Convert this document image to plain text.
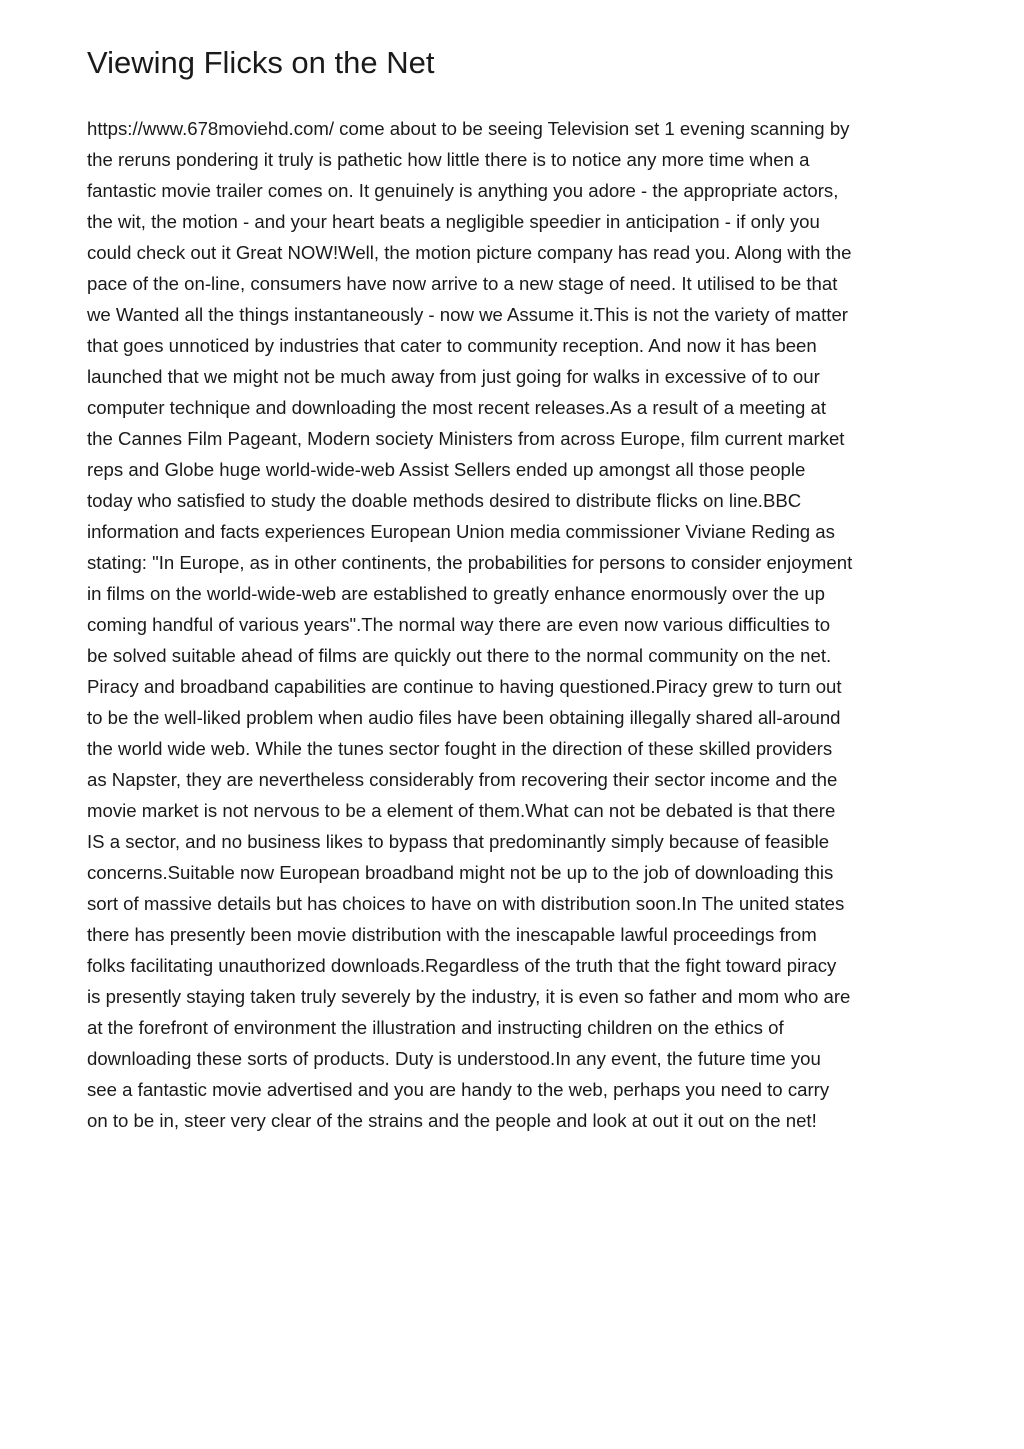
Viewing Flicks on the Net
https://www.678moviehd.com/ come about to be seeing Television set 1 evening scanning by
the reruns pondering it truly is pathetic how little there is to notice any more time when a
fantastic movie trailer comes on. It genuinely is anything you adore - the appropriate actors,
the wit, the motion - and your heart beats a negligible speedier in anticipation - if only you
could check out it Great NOW!Well, the motion picture company has read you. Along with the
pace of the on-line, consumers have now arrive to a new stage of need. It utilised to be that
we Wanted all the things instantaneously - now we Assume it.This is not the variety of matter
that goes unnoticed by industries that cater to community reception. And now it has been
launched that we might not be much away from just going for walks in excessive of to our
computer technique and downloading the most recent releases.As a result of a meeting at
the Cannes Film Pageant, Modern society Ministers from across Europe, film current market
reps and Globe huge world-wide-web Assist Sellers ended up amongst all those people
today who satisfied to study the doable methods desired to distribute flicks on line.BBC
information and facts experiences European Union media commissioner Viviane Reding as
stating: "In Europe, as in other continents, the probabilities for persons to consider enjoyment
in films on the world-wide-web are established to greatly enhance enormously over the up
coming handful of various years".The normal way there are even now various difficulties to
be solved suitable ahead of films are quickly out there to the normal community on the net.
Piracy and broadband capabilities are continue to having questioned.Piracy grew to turn out
to be the well-liked problem when audio files have been obtaining illegally shared all-around
the world wide web. While the tunes sector fought in the direction of these skilled providers
as Napster, they are nevertheless considerably from recovering their sector income and the
movie market is not nervous to be a element of them.What can not be debated is that there
IS a sector, and no business likes to bypass that predominantly simply because of feasible
concerns.Suitable now European broadband might not be up to the job of downloading this
sort of massive details but has choices to have on with distribution soon.In The united states
there has presently been movie distribution with the inescapable lawful proceedings from
folks facilitating unauthorized downloads.Regardless of the truth that the fight toward piracy
is presently staying taken truly severely by the industry, it is even so father and mom who are
at the forefront of environment the illustration and instructing children on the ethics of
downloading these sorts of products. Duty is understood.In any event, the future time you
see a fantastic movie advertised and you are handy to the web, perhaps you need to carry
on to be in, steer very clear of the strains and the people and look at out it out on the net!
